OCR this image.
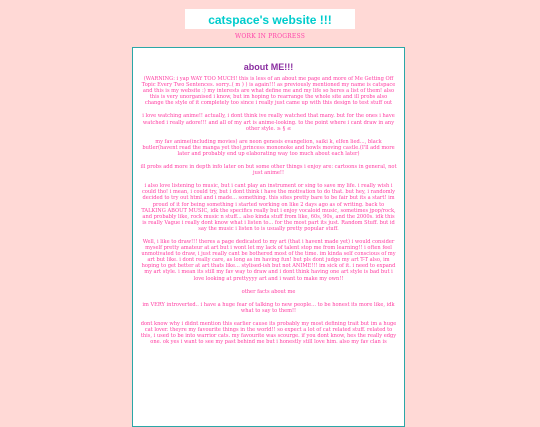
catspace's website !!!
WORK IN PROGRESS
about ME!!!

(WARNING: i yap WAY TOO MUCH! this is less of an about me page and more of Me Getting Off Topic Every Two Sentences. sorry..( m ) ) is again!!! as previously mentioned my name is catspace and this is my website :) my interests are what define me and my life so heres a list of them! also this is very unorganised i know, but im hoping to rearrange the whole site and ill probs also change the style of it completely too since i really just came up with this design to test stuff out

i love watching anime!! actually, i dont think ive really watched that many. but for the ones i have watched i really adore!!! and all of my art is anime-looking. to the point where i cant draw in any other style. ≥ § ≤

my fav anime(including movies) are neon genesis evangelion, saiki k, elfen lied..., black butler(havent read the manga yet tho),princess mononoke and howls moving castle.(I'll add more later and probably end up elaborating way too much about each later)

ill probs add more in depth info later on but some other things i enjoy are: cartoons in general, not just anime!!

i also love listening to music, but i cant play an instrument or sing to save my life. i really wish i could tho! i mean, i could try, but i dont think i have the motivation to do that. but hey, i randomly decided to try out html and i made... something. this sites pretty bare to be fair but its a start! im proud of it for being something i started working on like 2 days ago as of writing. back to TALKING ABOUT MUSIC, idk the specifics really but i enjoy vocaloid music, sometimes jpop/rock, and probably like, rock music n stuff... also kinda stuff from like, 60s, 90s, and the 2000s. idk this is really Vague i really dont know what i listen to... for the most part its just. Random Stuff. but id say the music i listen to is usually pretty popular stuff.

Well, i like to draw!!! theres a page dedicated to my art (that i havent made yet) i would consider myself pretty amateur at art but i wont let my lack of talent stop me from learning!! i often feel unmotivated to draw, i just really cant be bothered most of the time. im kinda self conscious of my art but like. i dont really care, as long as im having fun! but pls dont judge my art T-T also, im hoping to get better at art thats like... stylised-ish but not ANIME!!! im sick of it. i need to expand my art style. i mean its still my fav way to draw and i dont think having one art style is bad but i love looking at prettyyyy art and i want to make my own!!

other facts about me

im VERY introverted.. i have a huge fear of talking to new people... to be honest its more like, idk what to say to them!!

dont know why i didnt mention this earlier cause its probably my most defining trait but im a huge cat lover. theyre my favourite things in the world!! so expect a lot of cat related stuff. related to this, i used to be into warrior cats. my favourite was scourge. if you dont know, hes the really edgy one. ok yes i want to see my past behind me but i honestly still love him. also my fav clan is
